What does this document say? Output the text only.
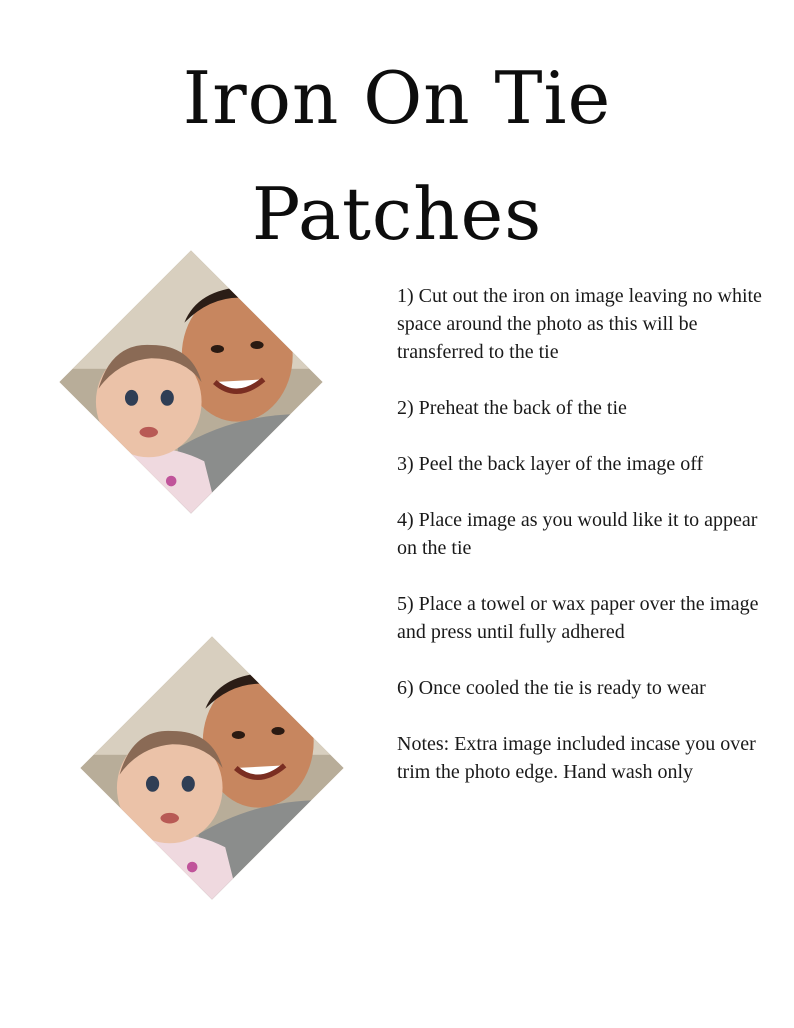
Iron On Tie
Patches

1) Cut out the iron on image leaving no white space around the photo as this will be transferred to the tie

2) Preheat the back of the tie

3) Peel the back layer of the image off

4) Place image as you would like it to appear on the tie

5) Place a towel or wax paper over the image and press until fully adhered

6) Once cooled the tie is ready to wear

Notes: Extra image included incase you over trim the photo edge. Hand wash only
